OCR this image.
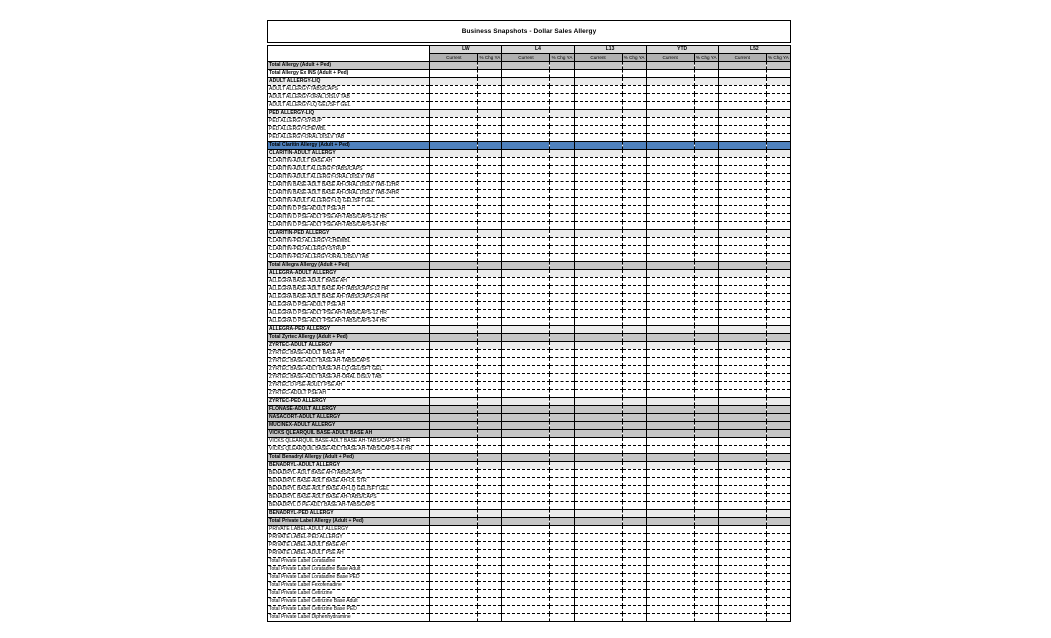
Business Snapshots - Dollar Sales Allergy
	LW		L4		L13		YTD		L52	
	Current	% Chg YA	Current	% Chg YA	Current	% Chg YA	Current	% Chg YA	Current	% Chg YA
Total Allergy (Adult + Ped)										
Total Allergy Ex INS (Adult + Ped)										
ADULT ALLERGY-LIQ										
ADULT ALLERGY-TABS/CAPS										
ADULT ALLERGY-ORAL DISLV TAB										
ADULT ALLERGY-LQ GEL/SFT GEL										
PED ALLERGY-LIQ										
PED ALLERGY-SYRUP										
PED ALLERGY-CHEWBL										
PED ALLERGY-ORAL DISLV TAB										
Total Claritin Allergy (Adult + Ped)										
CLARITIN-ADULT ALLERGY										
CLARITIN-ADULT BASE AH										
CLARITIN-ADULT ALLERGY-TABS/CAPS										
CLARITIN-ADULT ALLERGY-ORAL DISLV TAB										
CLARITIN BASE-ADLT BASE AH-ORAL DISLV TAB-12HR										
CLARITIN BASE-ADLT BASE AH-ORAL DISLV TAB-24HR										
CLARITIN-ADULT ALLERGY-LQ GEL/SFT GEL										
CLARITIN D PSE-ADULT PSE AH										
CLARITIN D PSE-ADLT PSE AH-TABS/CAPS-12 HR										
CLARITIN D PSE-ADLT PSE AH-TABS/CAPS-24 HR										
CLARITIN-PED ALLERGY										
CLARITIN-PED ALLERGY-CHEWBL										
CLARITIN-PED ALLERGY-SYRUP										
CLARITIN-PED ALLERGY-ORAL DISLV TAB										
Total Allegra Allergy (Adult + Ped)										
ALLEGRA-ADULT ALLERGY										
ALLEGRA BASE-ADULT BASE AH										
ALLEGRA BASE-ADLT BASE AH-TABS/CAPS-12 HR										
ALLEGRA BASE-ADLT BASE AH-TABS/CAPS-24 HR										
ALLEGRA D PSE-ADULT PSE AH										
ALLEGRA D PSE-ADLT PSE AH-TABS/CAPS-12 HR										
ALLEGRA D PSE-ADLT PSE AH-TABS/CAPS-24 HR										
ALLEGRA-PED ALLERGY										
Total Zyrtec Allergy (Adult + Ped)										
ZYRTEC-ADULT ALLERGY										
ZYRTEC BASE-ADULT BASE AH										
ZYRTEC BASE-ADLT BASE AH-TABS/CAPS										
ZYRTEC BASE-ADLT BASE AH-LQ GEL/SFT GEL										
ZYRTEC BASE-ADLT BASE AH-ORAL DISLV TAB										
ZYRTEC D PSE-ADULT PSE AH										
ZYRTEC-ADULT PSE AH										
ZYRTEC-PED ALLERGY										
FLONASE-ADULT ALLERGY										
NASACORT-ADULT ALLERGY										
MUCINEX-ADULT ALLERGY										
VICKS QLEARQUIL BASE-ADULT BASE AH										
VICKS QLEARQUIL BASE-ADLT BASE AH-TABS/CAPS-24 HR										
VICKS QLEARQUIL BASE-ADLT BASE AH-TABS/CAPS-4-6 HR										
Total Benadryl Allergy (Adult + Ped)										
BENADRYL-ADULT ALLERGY										
BENADRYL-ADLT BASE AH-TABS/CAPS										
BENADRYL BASE-ADLT BASE AH-OL STR										
BENADRYL BASE-ADLT BASE AH-LQ GEL/SFT GEL										
BENADRYL BASE-ADLT BASE AH-TABS/CAPS										
BENADRYL D PE-ADLT BASE AH-TABS/CAPS										
BENADRYL-PED ALLERGY										
Total Private Label Allergy (Adult + Ped)										
PRIVATE LABEL-ADULT ALLERGY										
PRIVATE LABEL-PED ALLERGY										
PRIVATE LABEL-ADULT BASE AH										
PRIVATE LABEL-ADULT PSE AH										
Total Private Label Loratadine										
Total Private Label Loratadine Base Adult										
Total Private Label Loratadine Base PED										
Total Private Label Fexofenadine										
Total Private Label Cetirizine										
Total Private Label Cetirizine Base Adult										
Total Private Label Cetirizine Base PED										
Total Private Label Diphenhydramine										
